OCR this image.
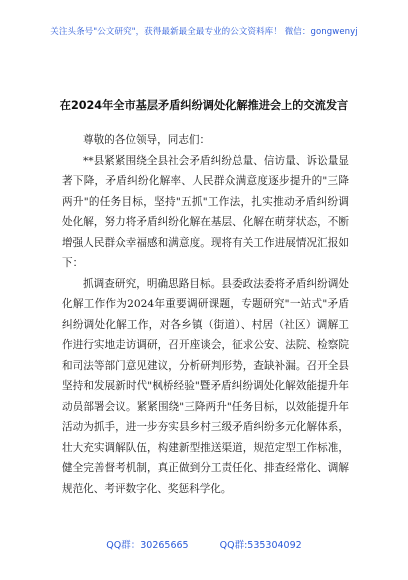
关注头条号"公文研究"，获得最新最全最专业的公文资料库！ 微信：gongwenyj
在2024年全市基层矛盾纠纷调处化解推进会上的交流发言

尊敬的各位领导，同志们：

**县紧紧围绕全县社会矛盾纠纷总量、信访量、诉讼量显著下降，矛盾纠纷化解率、人民群众满意度逐步提升的"三降两升"的任务目标，坚持"五抓"工作法，扎实推动矛盾纠纷调处化解，努力将矛盾纠纷化解在基层、化解在萌芽状态，不断增强人民群众幸福感和满意度。现将有关工作进展情况汇报如下：

抓调查研究，明确思路目标。县委政法委将矛盾纠纷调处化解工作作为2024年重要调研课题，专题研究"一站式"矛盾纠纷调处化解工作，对各乡镇（街道）、村居（社区）调解工作进行实地走访调研，召开座谈会，征求公安、法院、检察院和司法等部门意见建议，分析研判形势，查缺补漏。召开全县坚持和发展新时代"枫桥经验"暨矛盾纠纷调处化解效能提升年动员部署会议。紧紧围绕"三降两升"任务目标，以效能提升年活动为抓手，进一步夯实县乡村三级矛盾纠纷多元化解体系，壮大充实调解队伍，构建新型推送渠道，规范定型工作标准，健全完善督考机制，真正做到分工责任化、排查经常化、调解规范化、考评数字化、奖惩科学化。

QQ群：30265665	QQ群:535304092
